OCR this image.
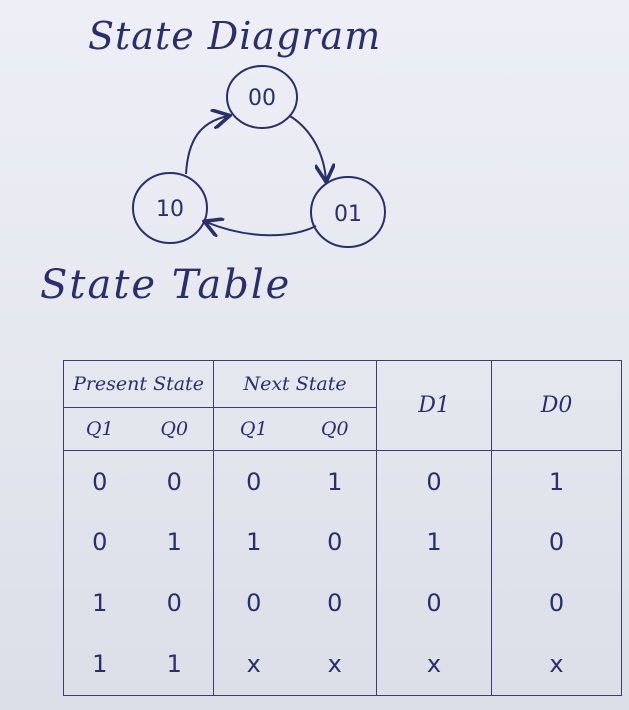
State Diagram
00
10	01
State Table
Present State		Next State		D1	D0
Q1	Q0	Q1	Q0		
0	0	0	1	0	1
0	1	1	0	1	0
1	0	0	0	0	0
1	1	x	x	x	x
